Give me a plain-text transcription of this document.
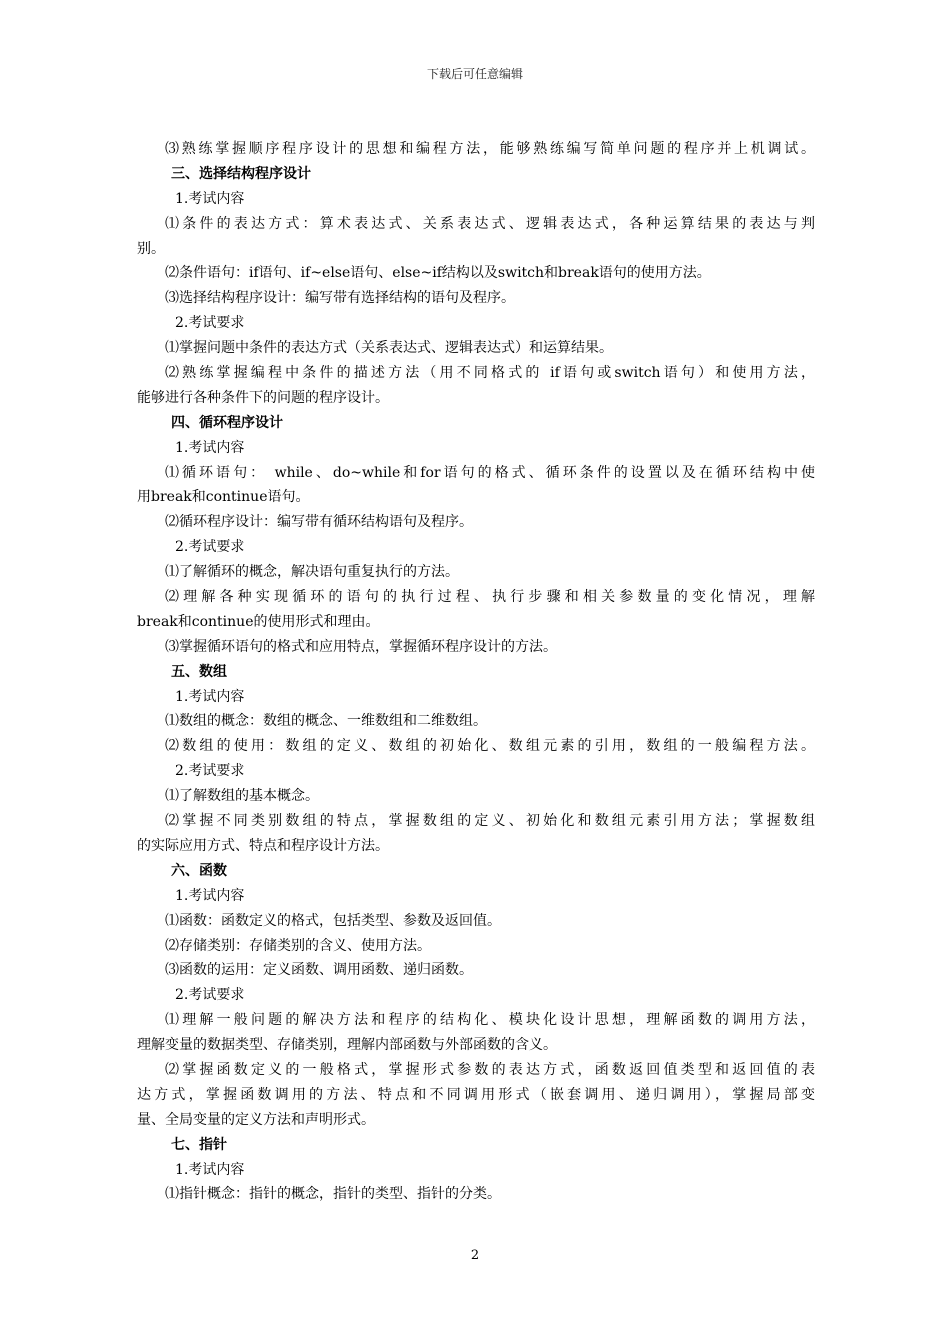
下载后可任意编辑
⑶熟练掌握顺序程序设计的思想和编程方法，能够熟练编写简单问题的程序并上机调试。
三、选择结构程序设计
1.考试内容
⑴条件的表达方式：算术表达式、关系表达式、逻辑表达式，各种运算结果的表达与判
别。
⑵条件语句：if语句、if~else语句、else~if结构以及switch和break语句的使用方法。
⑶选择结构程序设计：编写带有选择结构的语句及程序。
2.考试要求
⑴掌握问题中条件的表达方式（关系表达式、逻辑表达式）和运算结果。
⑵熟练掌握编程中条件的描述方法（用不同格式的 if语句或switch语句）和使用方法，
能够进行各种条件下的问题的程序设计。
四、循环程序设计
1.考试内容
⑴循环语句： while、do~while和for语句的格式、循环条件的设置以及在循环结构中使
用break和continue语句。
⑵循环程序设计：编写带有循环结构语句及程序。
2.考试要求
⑴了解循环的概念，解决语句重复执行的方法。
⑵理解各种实现循环的语句的执行过程、执行步骤和相关参数量的变化情况，理解
break和continue的使用形式和理由。
⑶掌握循环语句的格式和应用特点，掌握循环程序设计的方法。
五、数组
1.考试内容
⑴数组的概念：数组的概念、一维数组和二维数组。
⑵数组的使用：数组的定义、数组的初始化、数组元素的引用，数组的一般编程方法。
2.考试要求
⑴了解数组的基本概念。
⑵掌握不同类别数组的特点，掌握数组的定义、初始化和数组元素引用方法；掌握数组
的实际应用方式、特点和程序设计方法。
六、函数
1.考试内容
⑴函数：函数定义的格式，包括类型、参数及返回值。
⑵存储类别：存储类别的含义、使用方法。
⑶函数的运用：定义函数、调用函数、递归函数。
2.考试要求
⑴理解一般问题的解决方法和程序的结构化、模块化设计思想，理解函数的调用方法，
理解变量的数据类型、存储类别，理解内部函数与外部函数的含义。
⑵掌握函数定义的一般格式，掌握形式参数的表达方式，函数返回值类型和返回值的表
达方式，掌握函数调用的方法、特点和不同调用形式（嵌套调用、递归调用），掌握局部变
量、全局变量的定义方法和声明形式。
七、指针
1.考试内容
⑴指针概念：指针的概念，指针的类型、指针的分类。
2
